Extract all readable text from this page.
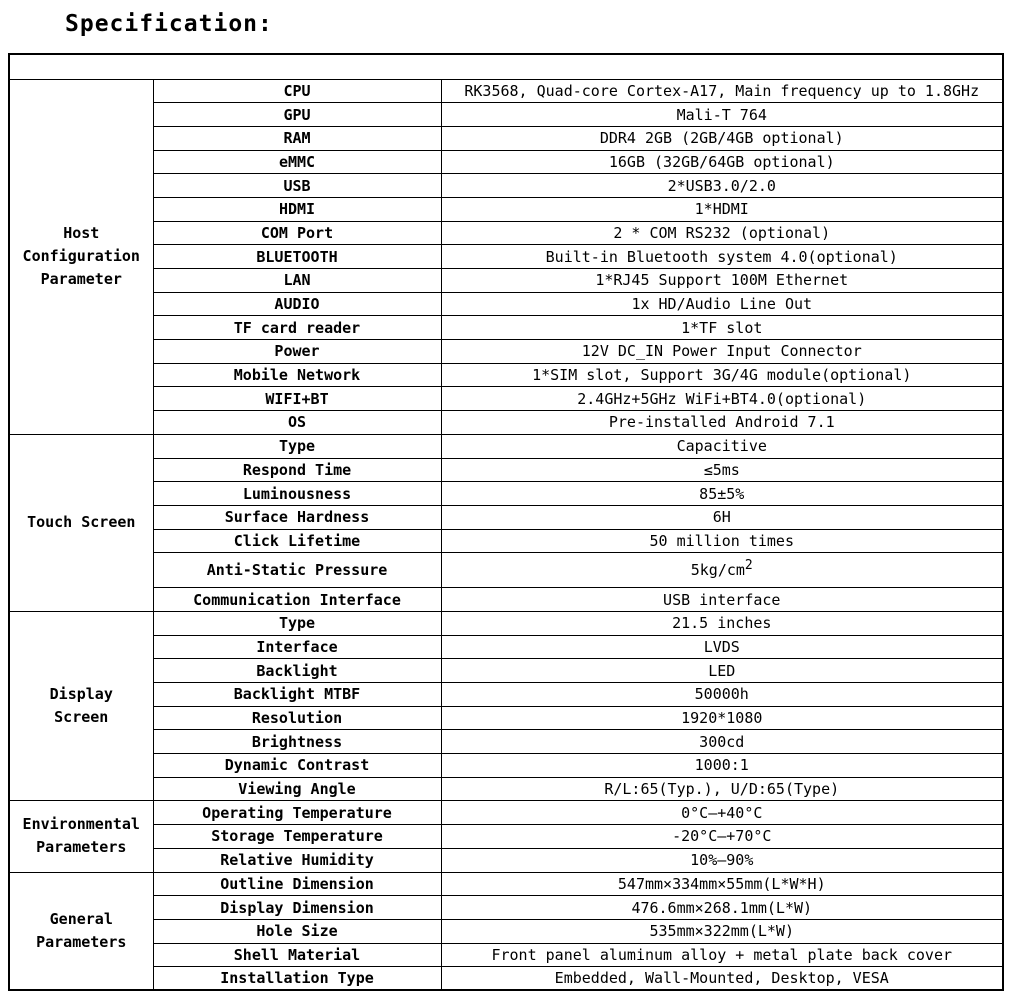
Specification:

Host
Configuration
Parameter	CPU	RK3568, Quad-core Cortex-A17, Main frequency up to 1.8GHz
	GPU	Mali-T 764
	RAM	DDR4 2GB (2GB/4GB optional)
	eMMC	16GB (32GB/64GB optional)
	USB	2*USB3.0/2.0
	HDMI	1*HDMI
	COM Port	2 * COM RS232 (optional)
	BLUETOOTH	Built-in Bluetooth system 4.0(optional)
	LAN	1*RJ45 Support 100M Ethernet
	AUDIO	1x HD/Audio Line Out
	TF card reader	1*TF slot
	Power	12V DC_IN Power Input Connector
	Mobile Network	1*SIM slot, Support 3G/4G module(optional)
	WIFI+BT	2.4GHz+5GHz WiFi+BT4.0(optional)
	OS	Pre-installed Android 7.1

Touch Screen	Type	Capacitive
	Respond Time	≤5ms
	Luminousness	85±5%
	Surface Hardness	6H
	Click Lifetime	50 million times
	Anti-Static Pressure	$5kg/cm^2$
	Communication Interface	USB interface

Display
Screen	Type	21.5 inches
	Interface	LVDS
	Backlight	LED
	Backlight MTBF	50000h
	Resolution	1920*1080
	Brightness	300cd
	Dynamic Contrast	1000:1
	Viewing Angle	R/L:65(Typ.), U/D:65(Type)

Environmental
Parameters	Operating Temperature	0°C—+40°C
	Storage Temperature	-20°C—+70°C
	Relative Humidity	10%—90%

General
Parameters	Outline Dimension	547mm×334mm×55mm(L*W*H)
	Display Dimension	476.6mm×268.1mm(L*W)
	Hole Size	535mm×322mm(L*W)
	Shell Material	Front panel aluminum alloy + metal plate back cover
	Installation Type	Embedded, Wall-Mounted, Desktop, VESA
